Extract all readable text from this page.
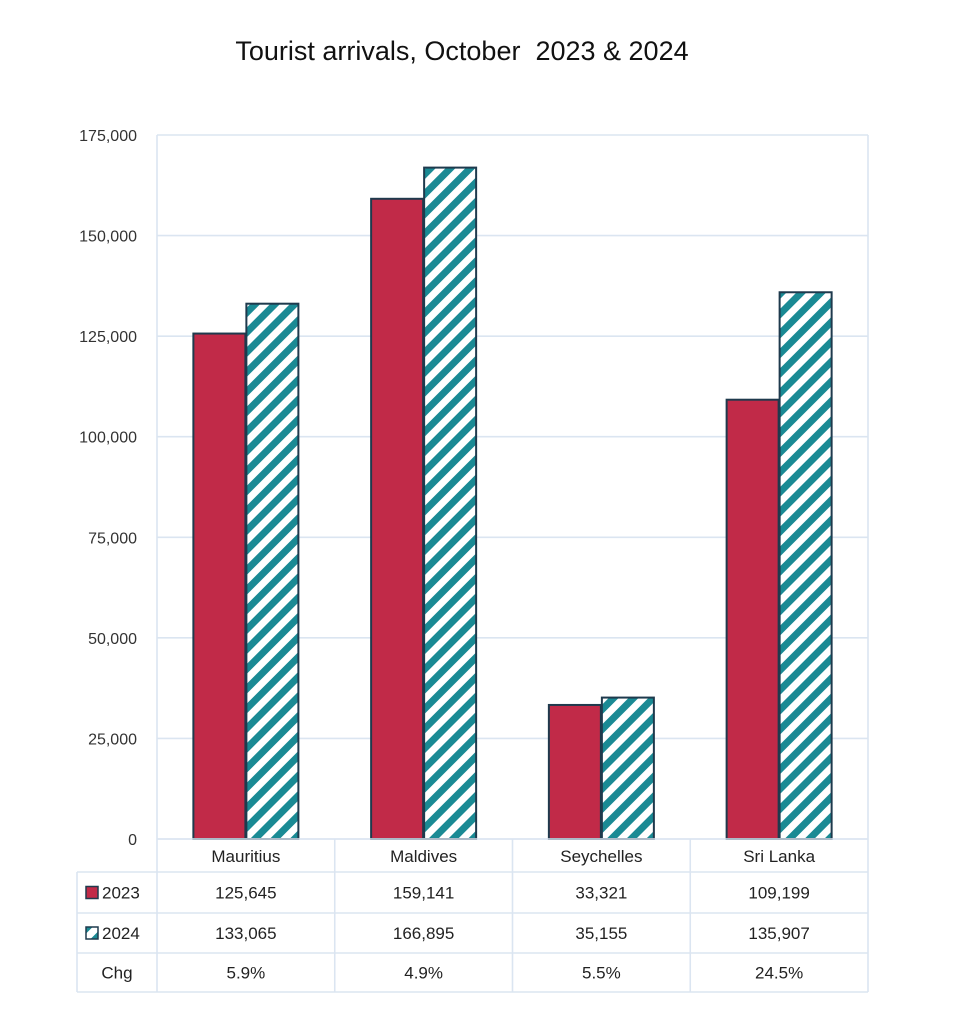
Tourist arrivals, October  2023 & 2024
0
25,000
50,000
75,000
100,000
125,000
150,000
175,000
Mauritius	Maldives	Seychelles	Sri Lanka
2023	125,645	159,141	33,321	109,199
2024	133,065	166,895	35,155	135,907
Chg	5.9%	4.9%	5.5%	24.5%
